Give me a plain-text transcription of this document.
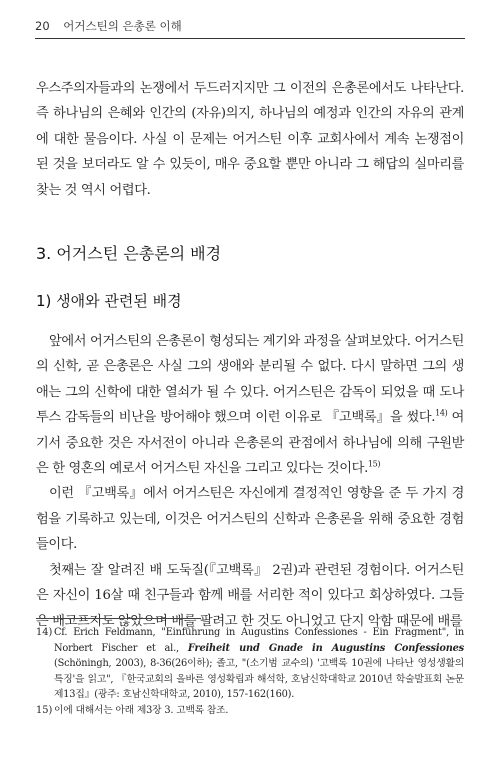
20 어거스틴의 은총론 이해

우스주의자들과의 논쟁에서 두드러지지만 그 이전의 은총론에서도 나타난다. 즉 하나님의 은혜와 인간의 (자유)의지, 하나님의 예정과 인간의 자유의 관계에 대한 물음이다. 사실 이 문제는 어거스틴 이후 교회사에서 계속 논쟁점이 된 것을 보더라도 알 수 있듯이, 매우 중요할 뿐만 아니라 그 해답의 실마리를 찾는 것 역시 어렵다.

3. 어거스틴 은총론의 배경

1) 생애와 관련된 배경

앞에서 어거스틴의 은총론이 형성되는 계기와 과정을 살펴보았다. 어거스틴의 신학, 곧 은총론은 사실 그의 생애와 분리될 수 없다. 다시 말하면 그의 생애는 그의 신학에 대한 열쇠가 될 수 있다. 어거스틴은 감독이 되었을 때 도나투스 감독들의 비난을 방어해야 했으며 이런 이유로 『고백록』을 썼다.$^{14)}$ 여기서 중요한 것은 자서전이 아니라 은총론의 관점에서 하나님에 의해 구원받은 한 영혼의 예로서 어거스틴 자신을 그리고 있다는 것이다.$^{15)}$

이런 『고백록』에서 어거스틴은 자신에게 결정적인 영향을 준 두 가지 경험을 기록하고 있는데, 이것은 어거스틴의 신학과 은총론을 위해 중요한 경험들이다.

첫째는 잘 알려진 배 도둑질(『고백록』 2권)과 관련된 경험이다. 어거스틴은 자신이 16살 때 친구들과 함께 배를 서리한 적이 있다고 회상하였다. 그들은 배고프지도 않았으며 배를 팔려고 한 것도 아니었고 단지 악함 때문에 배를

14) Cf. Erich Feldmann, "Einführung in Augustins Confessiones - Ein Fragment", in Norbert Fischer et al., Freiheit und Gnade in Augustins Confessiones (Schöningh, 2003), 8-36(26이하); 졸고, "(소기범 교수의) '고백록 10권에 나타난 영성생활의 특징'을 읽고", 『한국교회의 올바른 영성확립과 해석학, 호남신학대학교 2010년 학술발표회 논문 제13집』(광주: 호남신학대학교, 2010), 157-162(160).
15) 이에 대해서는 아래 제3장 3. 고백록 참조.
